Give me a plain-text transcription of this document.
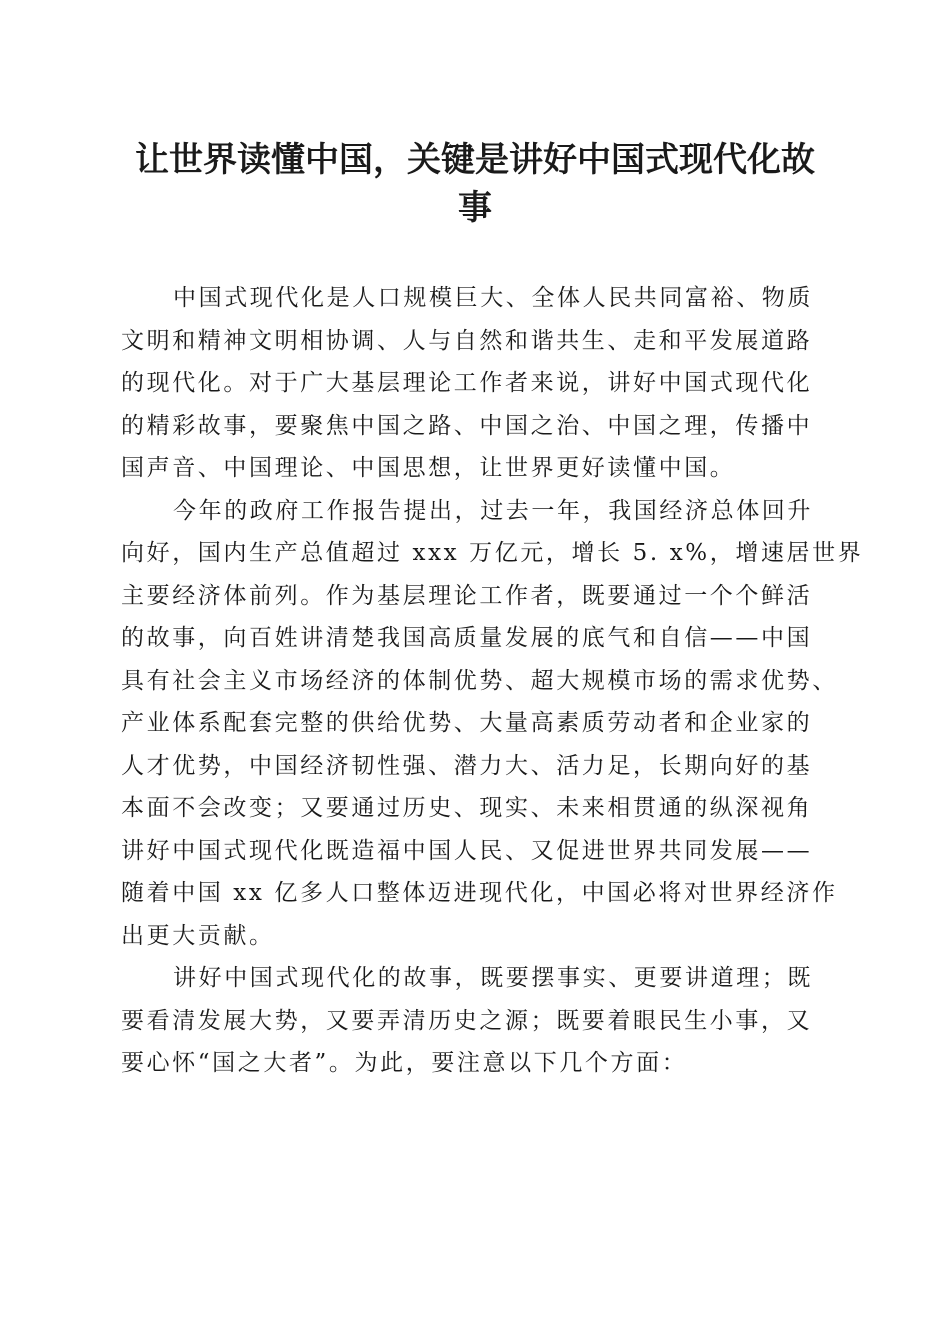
让世界读懂中国，关键是讲好中国式现代化故
事
中国式现代化是人口规模巨大、全体人民共同富裕、物质
文明和精神文明相协调、人与自然和谐共生、走和平发展道路
的现代化。对于广大基层理论工作者来说，讲好中国式现代化
的精彩故事，要聚焦中国之路、中国之治、中国之理，传播中
国声音、中国理论、中国思想，让世界更好读懂中国。
今年的政府工作报告提出，过去一年，我国经济总体回升
向好，国内生产总值超过 xxx 万亿元，增长 5. x%，增速居世界
主要经济体前列。作为基层理论工作者，既要通过一个个鲜活
的故事，向百姓讲清楚我国高质量发展的底气和自信——中国
具有社会主义市场经济的体制优势、超大规模市场的需求优势、
产业体系配套完整的供给优势、大量高素质劳动者和企业家的
人才优势，中国经济韧性强、潜力大、活力足，长期向好的基
本面不会改变；又要通过历史、现实、未来相贯通的纵深视角
讲好中国式现代化既造福中国人民、又促进世界共同发展——
随着中国 xx 亿多人口整体迈进现代化，中国必将对世界经济作
出更大贡献。
讲好中国式现代化的故事，既要摆事实、更要讲道理；既
要看清发展大势，又要弄清历史之源；既要着眼民生小事，又
要心怀“国之大者”。为此，要注意以下几个方面：
